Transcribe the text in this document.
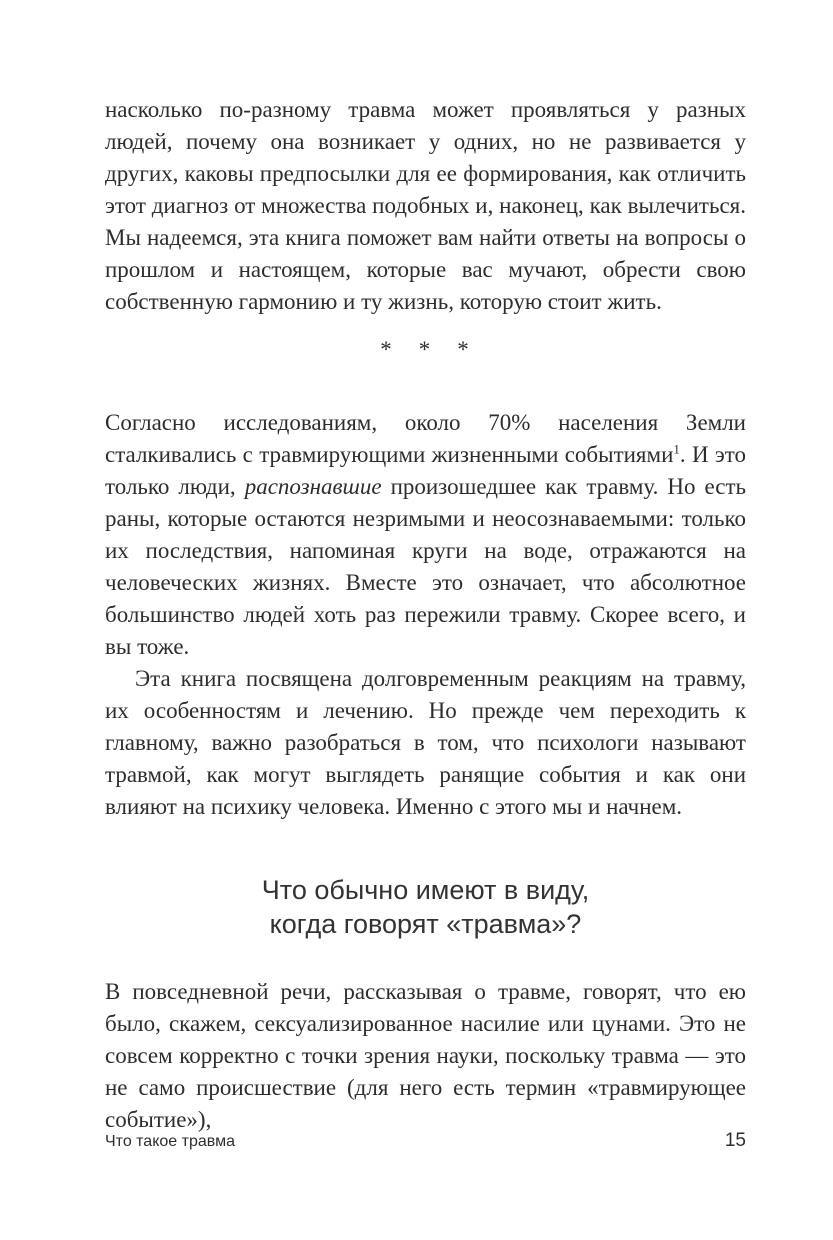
насколько по-разному травма может проявляться у разных людей, почему она возникает у одних, но не развивается у других, каковы предпосылки для ее формирования, как отличить этот диагноз от множества подобных и, наконец, как вылечиться. Мы надеемся, эта книга поможет вам найти ответы на вопросы о прошлом и настоящем, которые вас мучают, обрести свою собственную гармонию и ту жизнь, которую стоит жить.

* * *

Согласно исследованиям, около 70% населения Земли сталкивались с травмирующими жизненными событиями$^1$. И это только люди, распознавшие произошедшее как травму. Но есть раны, которые остаются незримыми и неосознаваемыми: только их последствия, напоминая круги на воде, отражаются на человеческих жизнях. Вместе это означает, что абсолютное большинство людей хоть раз пережили травму. Скорее всего, и вы тоже.

Эта книга посвящена долговременным реакциям на травму, их особенностям и лечению. Но прежде чем переходить к главному, важно разобраться в том, что психологи называют травмой, как могут выглядеть ранящие события и как они влияют на психику человека. Именно с этого мы и начнем.

Что обычно имеют в виду,
когда говорят «травма»?

В повседневной речи, рассказывая о травме, говорят, что ею было, скажем, сексуализированное насилие или цунами. Это не совсем корректно с точки зрения науки, поскольку травма — это не само происшествие (для него есть термин «травмирующее событие»),

Что такое травма	15
